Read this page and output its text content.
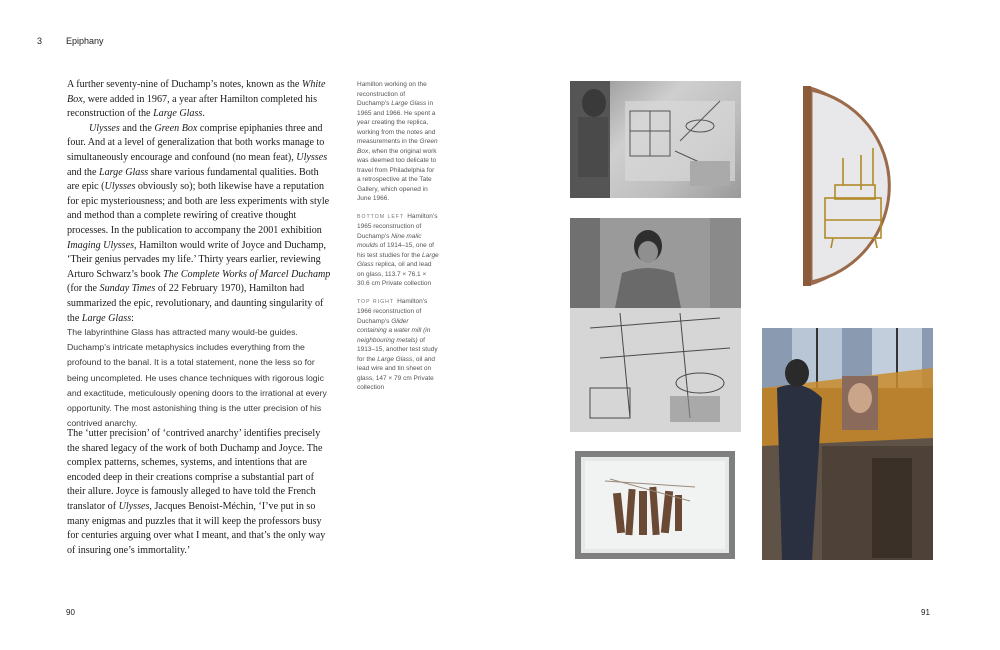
3	Epiphany

A further seventy-nine of Duchamp’s notes, known as the White Box, were added in 1967, a year after Hamilton completed his reconstruction of the Large Glass.

Ulysses and the Green Box comprise epiphanies three and four. And at a level of generalization that both works manage to simultaneously encourage and confound (no mean feat), Ulysses and the Large Glass share various fundamental qualities. Both are epic (Ulysses obviously so); both likewise have a reputation for epic mysteriousness; and both are less experiments with style and method than a complete rewiring of creative thought processes. In the publication to accompany the 2001 exhibition Imaging Ulysses, Hamilton would write of Joyce and Duchamp, ‘Their genius pervades my life.’ Thirty years earlier, reviewing Arturo Schwarz’s book The Complete Works of Marcel Duchamp (for the Sunday Times of 22 February 1970), Hamilton had summarized the epic, revolutionary, and daunting singularity of the Large Glass:

The labyrinthine Glass has attracted many would-be guides. Duchamp’s intricate metaphysics includes everything from the profound to the banal. It is a total statement, none the less so for being uncompleted. He uses chance techniques with rigorous logic and exactitude, meticulously opening doors to the irrational at every opportunity. The most astonishing thing is the utter precision of his contrived anarchy.
The ‘utter precision’ of ‘contrived anarchy’ identifies precisely the shared legacy of the work of both Duchamp and Joyce. The complex patterns, schemes, systems, and intentions that are encoded deep in their creations comprise a substantial part of their allure. Joyce is famously alleged to have told the French translator of Ulysses, Jacques Benoist-Méchin, ‘I’ve put in so many enigmas and puzzles that it will keep the professors busy for centuries arguing over what I meant, and that’s the only way of insuring one’s immortality.’

Hamilton working on the reconstruction of Duchamp’s Large Glass in 1965 and 1966. He spent a year creating the replica, working from the notes and measurements in the Green Box, when the original work was deemed too delicate to travel from Philadelphia for a retrospective at the Tate Gallery, which opened in June 1966.

BOTTOM LEFT Hamilton’s 1965 reconstruction of Duchamp’s Nine malic moulds of 1914–15, one of his test studies for the Large Glass replica, oil and lead on glass, 113.7 × 76.1 × 30.6 cm Private collection

TOP RIGHT Hamilton’s 1966 reconstruction of Duchamp’s Glider containing a water mill (in neighbouring metals) of 1913–15, another test study for the Large Glass, oil and lead wire and tin sheet on glass, 147 × 79 cm Private collection

90	91
